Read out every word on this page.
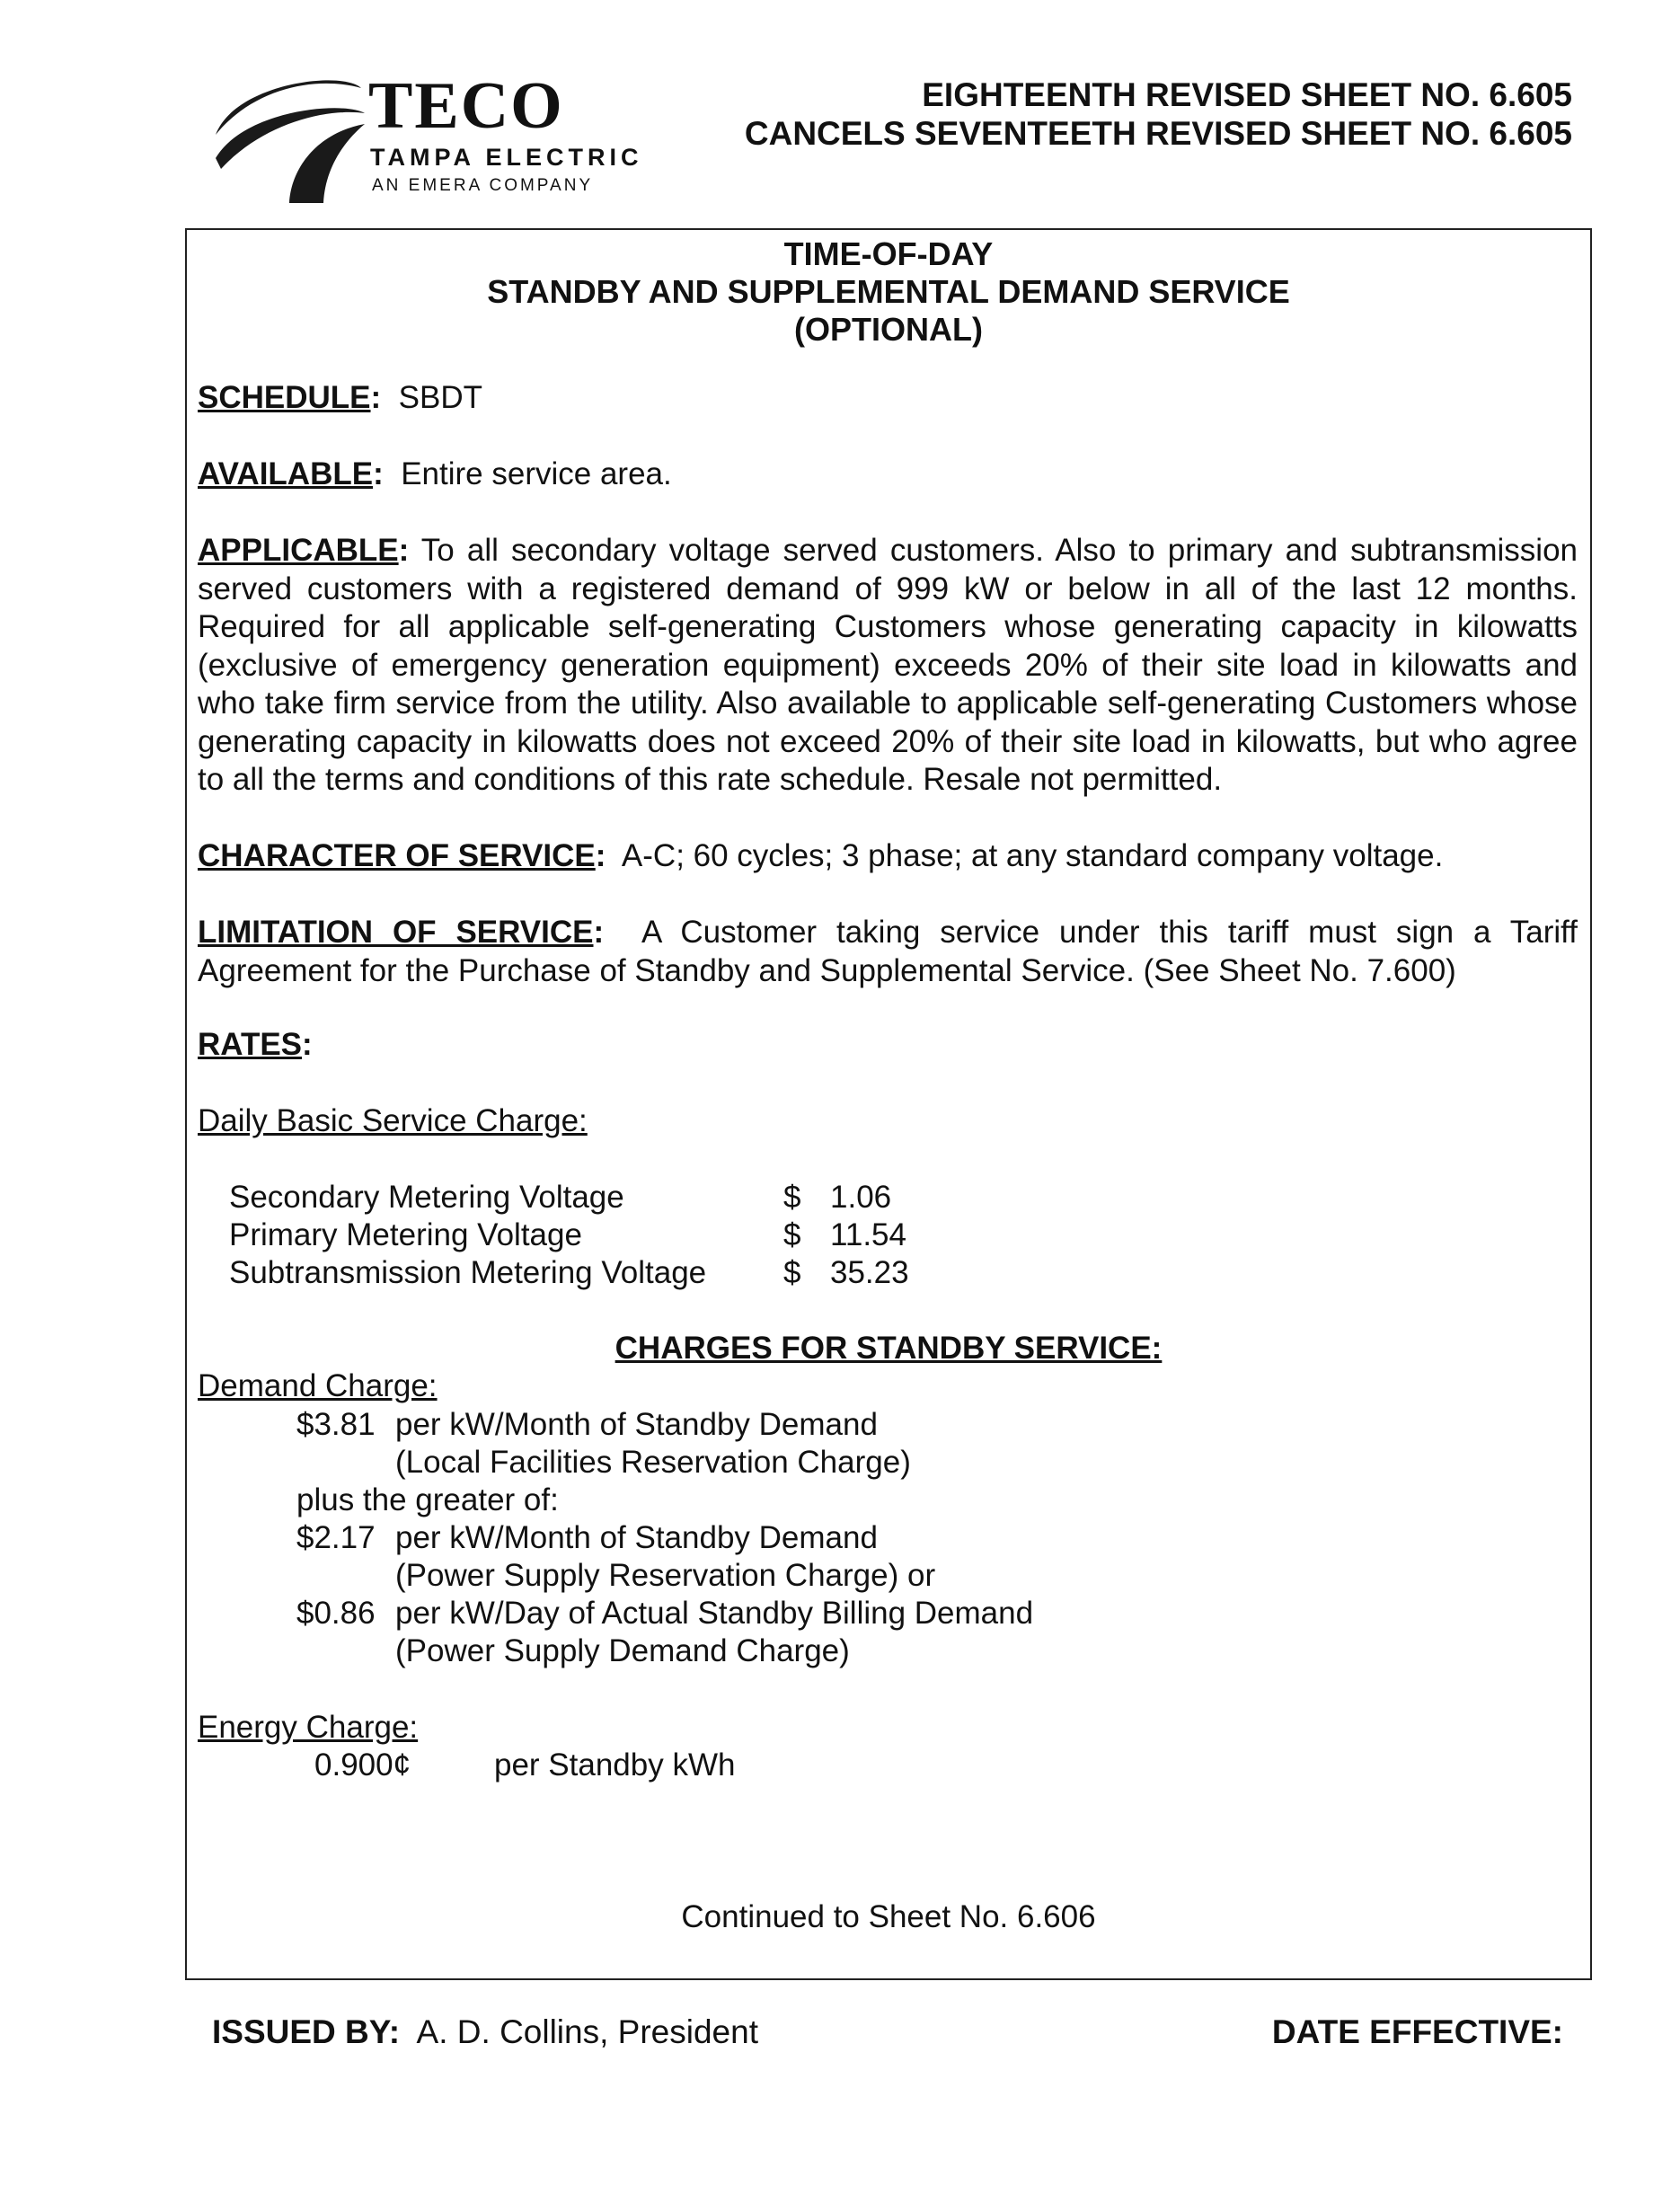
TECO
TAMPA ELECTRIC
AN EMERA COMPANY
EIGHTEENTH REVISED SHEET NO. 6.605
CANCELS SEVENTEETH REVISED SHEET NO. 6.605
TIME-OF-DAY
STANDBY AND SUPPLEMENTAL DEMAND SERVICE
(OPTIONAL)
SCHEDULE: SBDT
AVAILABLE: Entire service area.
APPLICABLE: To all secondary voltage served customers. Also to primary and subtransmission served customers with a registered demand of 999 kW or below in all of the last 12 months. Required for all applicable self-generating Customers whose generating capacity in kilowatts (exclusive of emergency generation equipment) exceeds 20% of their site load in kilowatts and who take firm service from the utility. Also available to applicable self-generating Customers whose generating capacity in kilowatts does not exceed 20% of their site load in kilowatts, but who agree to all the terms and conditions of this rate schedule. Resale not permitted.
CHARACTER OF SERVICE: A-C; 60 cycles; 3 phase; at any standard company voltage.
LIMITATION OF SERVICE: A Customer taking service under this tariff must sign a Tariff Agreement for the Purchase of Standby and Supplemental Service. (See Sheet No. 7.600)
RATES:
Daily Basic Service Charge:
Secondary Metering Voltage	$ 1.06
Primary Metering Voltage	$ 11.54
Subtransmission Metering Voltage $ 35.23
CHARGES FOR STANDBY SERVICE:
Demand Charge:
$3.81 per kW/Month of Standby Demand
(Local Facilities Reservation Charge)
plus the greater of:
$2.17 per kW/Month of Standby Demand
(Power Supply Reservation Charge) or
$0.86 per kW/Day of Actual Standby Billing Demand
(Power Supply Demand Charge)
Energy Charge:
0.900¢	per Standby kWh
Continued to Sheet No. 6.606
ISSUED BY: A. D. Collins, President	DATE EFFECTIVE:
